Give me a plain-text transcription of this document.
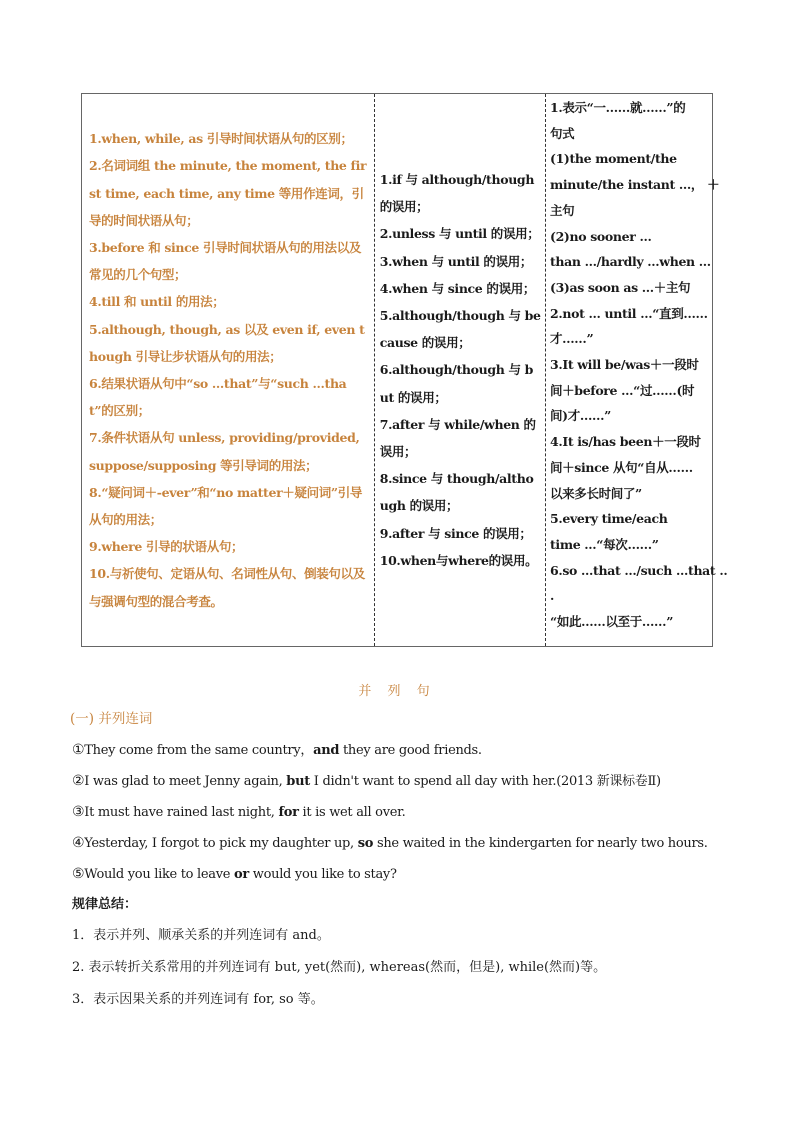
1.when, while, as 引导时间状语从句的区别；
2.名词词组 the minute, the moment, the first time, each time, any time 等用作连词，引导的时间状语从句；
3.before 和 since 引导时间状语从句的用法以及常见的几个句型；
4.till 和 until 的用法；
5.although, though, as 以及 even if, even though 引导让步状语从句的用法；
6.结果状语从句中“so ...that”与“such ...that”的区别；
7.条件状语从句 unless, providing/provided, suppose/supposing 等引导词的用法；
8.“疑问词＋-ever”和“no matter＋疑问词”引导从句的用法；
9.where 引导的状语从句；
10.与祈使句、定语从句、名词性从句、倒装句以及与强调句型的混合考查。
1.if 与 although/though 的误用；
2.unless 与 until 的误用；
3.when 与 until 的误用；
4.when 与 since 的误用；
5.although/though 与 because 的误用；
6.although/though 与 but 的误用；
7.after 与 while/when 的误用；
8.since 与 though/although 的误用；
9.after 与 since 的误用；
10.when与where的误用。
1.表示“一……就……”的
句式
(1)the moment/the
minute/the instant ...， ＋
主句
(2)no sooner ...
than .../hardly ...when ...
(3)as soon as ...＋主句
2.not ... until ...“直到……
才……”
3.It will be/was＋一段时
间＋before ...“过……(时
间)才……”
4.It is/has been＋一段时
间＋since 从句“自从……
以来多长时间了”
5.every time/each
time ...“每次……”
6.so ...that .../such ...that ..
.
“如此……以至于……”
并 列 句
(一) 并列连词
①They come from the same country，and they are good friends.
②I was glad to meet Jenny again, but I didn't want to spend all day with her.(2013 新课标卷Ⅱ)
③It must have rained last night, for it is wet all over.
④Yesterday, I forgot to pick my daughter up, so she waited in the kindergarten for nearly two hours.
⑤Would you like to leave or would you like to stay?
规律总结：
1．表示并列、顺承关系的并列连词有 and。
2. 表示转折关系常用的并列连词有 but, yet(然而), whereas(然而，但是), while(然而)等。
3．表示因果关系的并列连词有 for, so 等。
